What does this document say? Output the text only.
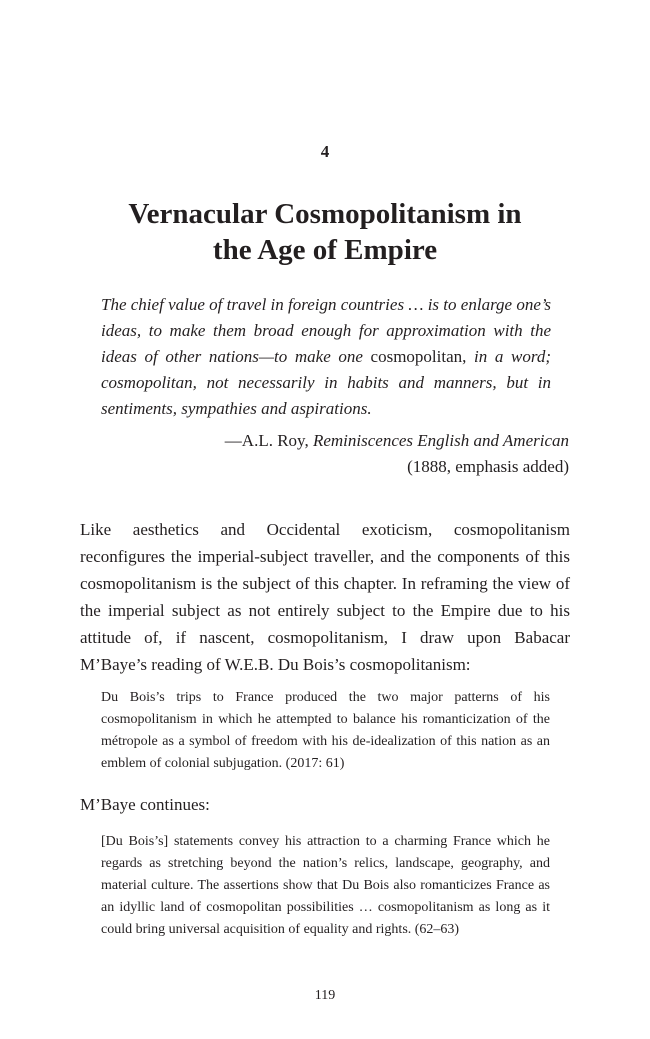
4
Vernacular Cosmopolitanism in
the Age of Empire
The chief value of travel in foreign countries … is to enlarge one’s ideas, to make them broad enough for approximation with the ideas of other nations—to make one cosmopolitan, in a word; cosmopolitan, not necessarily in habits and manners, but in sentiments, sympathies and aspirations.
—A.L. Roy, Reminiscences English and American
(1888, emphasis added)

Like aesthetics and Occidental exoticism, cosmopolitanism reconfigures the imperial-subject traveller, and the components of this cosmopolitanism is the subject of this chapter. In reframing the view of the imperial subject as not entirely subject to the Empire due to his attitude of, if nascent, cosmopolitanism, I draw upon Babacar M’Baye’s reading of W.E.B. Du Bois’s cosmopolitanism:

Du Bois’s trips to France produced the two major patterns of his cosmopolitanism in which he attempted to balance his romanticization of the métropole as a symbol of freedom with his de-idealization of this nation as an emblem of colonial subjugation. (2017: 61)
M’Baye continues:
[Du Bois’s] statements convey his attraction to a charming France which he regards as stretching beyond the nation’s relics, landscape, geography, and material culture. The assertions show that Du Bois also romanticizes France as an idyllic land of cosmopolitan possibilities … cosmopolitanism as long as it could bring universal acquisition of equality and rights. (62–63)
119
